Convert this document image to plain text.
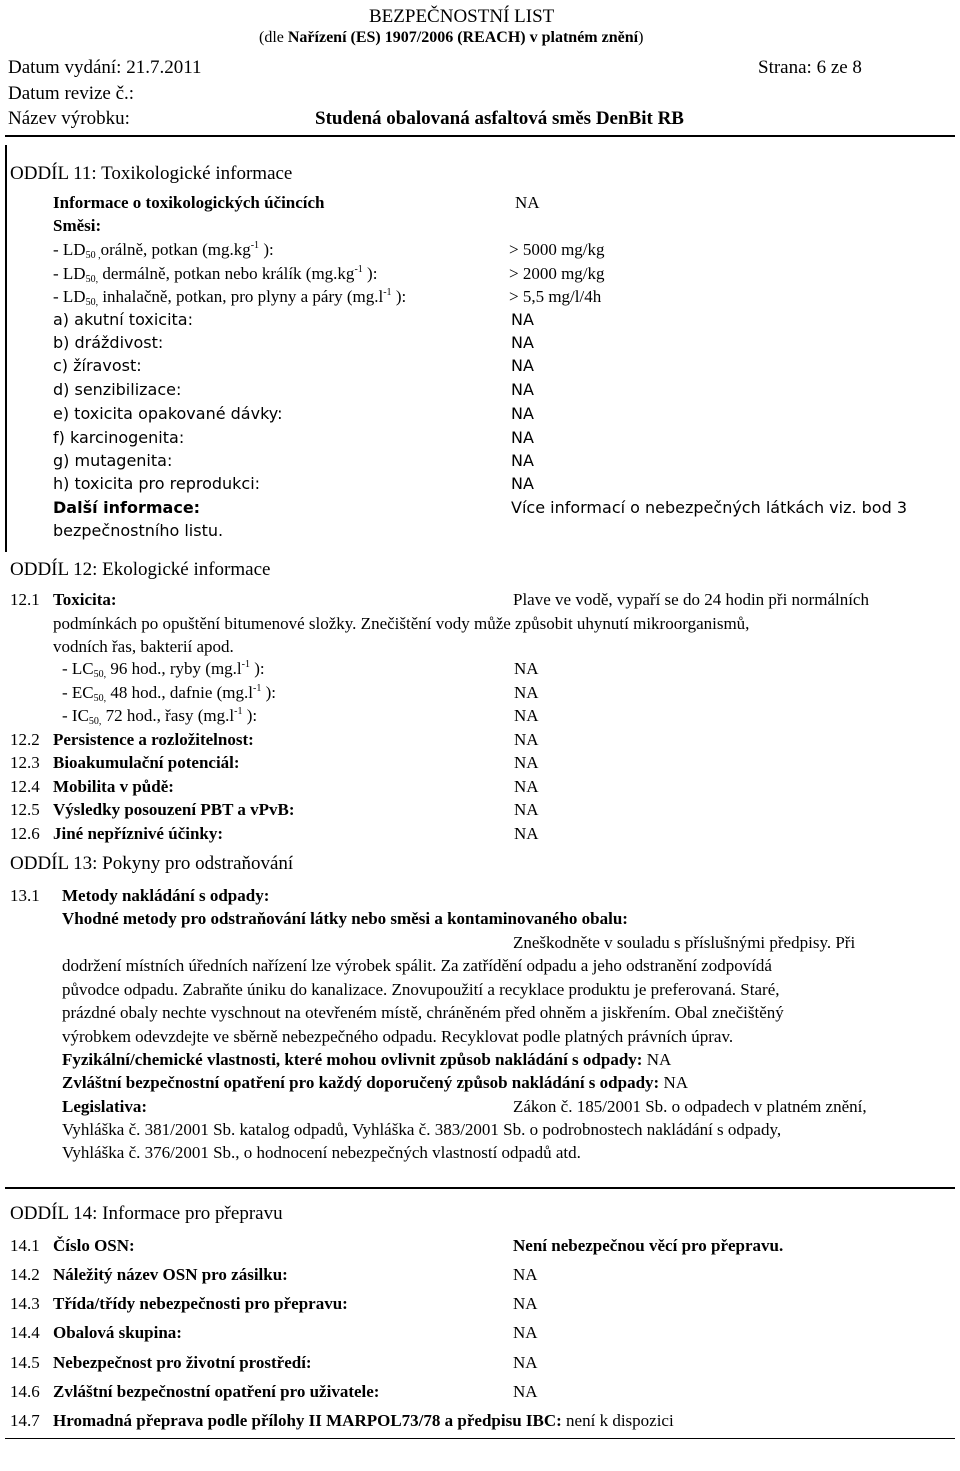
BEZPEČNOSTNÍ LIST
(dle Nařízení (ES) 1907/2006 (REACH) v platném znění)
Datum vydání: 21.7.2011	Strana: 6 ze 8
Datum revize č.:
Název výrobku:	Studená obalovaná asfaltová směs DenBit RB
ODDÍL 11: Toxikologické informace
Informace o toxikologických účincích	NA
Směsi:
- $LD_{50 ,}orá\ln ě$, potkan ($mg.kg^{-1}$ ):	> 5000 mg/kg
- $LD_{50,}$ dermálně, potkan nebo králík ($mg.kg^{-1}$ ):	> 2000 mg/kg
- $LD_{50,}$ inhalačně, potkan, pro plyny a páry ($mg.l^{-1}$ ):	> 5,5 mg/l/4h
a) akutní toxicita:	NA
b) dráždivost:	NA
c) žíravost:	NA
d) senzibilizace:	NA
e) toxicita opakované dávky:	NA
f) karcinogenita:	NA
g) mutagenita:	NA
h) toxicita pro reprodukci:	NA
Další informace:	Více informací o nebezpečných látkách viz. bod 3
bezpečnostního listu.
ODDÍL 12: Ekologické informace
12.1 Toxicita:	Plave ve vodě, vypaří se do 24 hodin při normálních
podmínkách po opuštění bitumenové složky. Znečištění vody může způsobit uhynutí mikroorganismů,
vodních řas, bakterií apod.
- $LC_{50,}$ 96 hod., ryby ($mg.l^{-1}$ ):	NA
- $EC_{50,}$ 48 hod., dafnie ($mg.l^{-1}$ ):	NA
- $IC_{50,}$ 72 hod., řasy ($mg.l^{-1}$ ):	NA
12.2 Persistence a rozložitelnost:	NA
12.3 Bioakumulační potenciál:	NA
12.4 Mobilita v půdě:	NA
12.5 Výsledky posouzení PBT a vPvB:	NA
12.6 Jiné nepříznivé účinky:	NA
ODDÍL 13: Pokyny pro odstraňování
13.1 Metody nakládání s odpady:
Vhodné metody pro odstraňování látky nebo směsi a kontaminovaného obalu:
Zneškodněte v souladu s příslušnými předpisy. Při
dodržení místních úředních nařízení lze výrobek spálit. Za zatřídění odpadu a jeho odstranění zodpovídá
původce odpadu. Zabraňte úniku do kanalizace. Znovupoužití a recyklace produktu je preferovaná. Staré,
prázdné obaly nechte vyschnout na otevřeném místě, chráněném před ohněm a jiskřením. Obal znečištěný
výrobkem odevzdejte ve sběrně nebezpečného odpadu. Recyklovat podle platných právních úprav.
Fyzikální/chemické vlastnosti, které mohou ovlivnit způsob nakládání s odpady: NA
Zvláštní bezpečnostní opatření pro každý doporučený způsob nakládání s odpady: NA
Legislativa:	Zákon č. 185/2001 Sb. o odpadech v platném znění,
Vyhláška č. 381/2001 Sb. katalog odpadů, Vyhláška č. 383/2001 Sb. o podrobnostech nakládání s odpady,
Vyhláška č. 376/2001 Sb., o hodnocení nebezpečných vlastností odpadů atd.
ODDÍL 14: Informace pro přepravu
14.1 Číslo OSN:	Není nebezpečnou věcí pro přepravu.
14.2 Náležitý název OSN pro zásilku:	NA
14.3 Třída/třídy nebezpečnosti pro přepravu:	NA
14.4 Obalová skupina:	NA
14.5 Nebezpečnost pro životní prostředí:	NA
14.6 Zvláštní bezpečnostní opatření pro uživatele:	NA
14.7 Hromadná přeprava podle přílohy II MARPOL73/78 a předpisu IBC: není k dispozici
